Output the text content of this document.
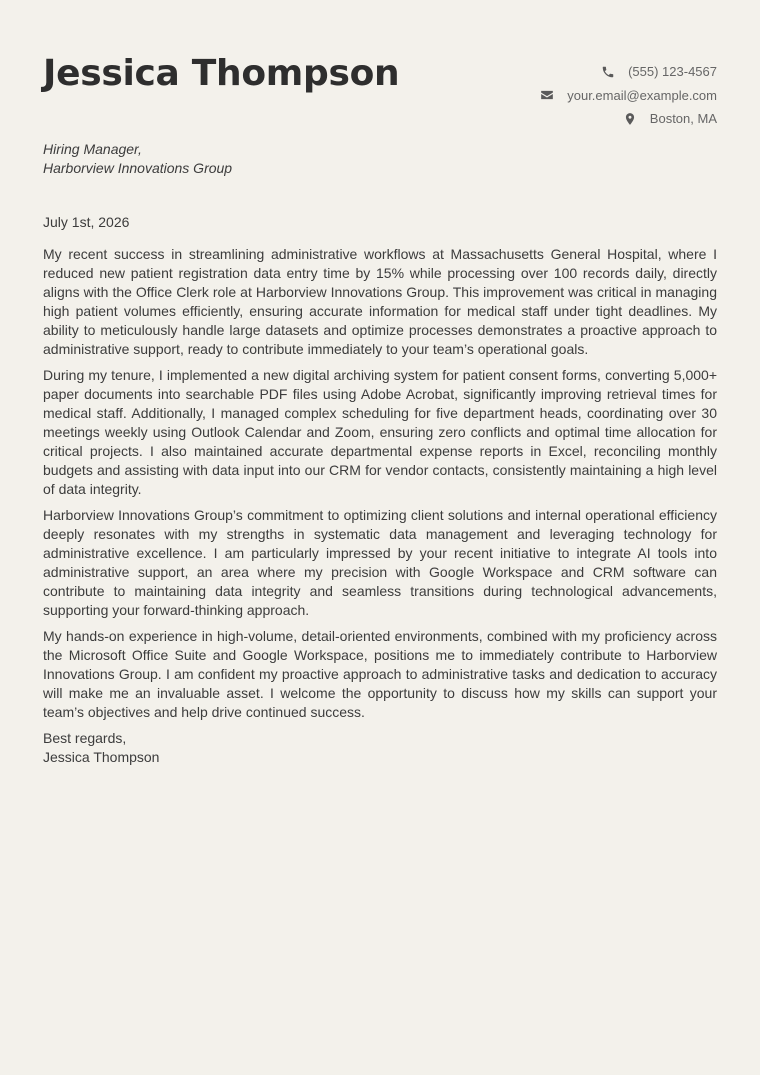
Jessica Thompson	(555) 123-4567
your.email@example.com
Boston, MA
Hiring Manager,
Harborview Innovations Group
July 1st, 2026

My recent success in streamlining administrative workflows at Massachusetts General Hospital, where I reduced new patient registration data entry time by 15% while processing over 100 records daily, directly aligns with the Office Clerk role at Harborview Innovations Group. This improvement was critical in managing high patient volumes efficiently, ensuring accurate information for medical staff under tight deadlines. My ability to meticulously handle large datasets and optimize processes demonstrates a proactive approach to administrative support, ready to contribute immediately to your team’s operational goals.

During my tenure, I implemented a new digital archiving system for patient consent forms, converting 5,000+ paper documents into searchable PDF files using Adobe Acrobat, significantly improving retrieval times for medical staff. Additionally, I managed complex scheduling for five department heads, coordinating over 30 meetings weekly using Outlook Calendar and Zoom, ensuring zero conflicts and optimal time allocation for critical projects. I also maintained accurate departmental expense reports in Excel, reconciling monthly budgets and assisting with data input into our CRM for vendor contacts, consistently maintaining a high level of data integrity.

Harborview Innovations Group’s commitment to optimizing client solutions and internal operational efficiency deeply resonates with my strengths in systematic data management and leveraging technology for administrative excellence. I am particularly impressed by your recent initiative to integrate AI tools into administrative support, an area where my precision with Google Workspace and CRM software can contribute to maintaining data integrity and seamless transitions during technological advancements, supporting your forward-thinking approach.

My hands-on experience in high-volume, detail-oriented environments, combined with my proficiency across the Microsoft Office Suite and Google Workspace, positions me to immediately contribute to Harborview Innovations Group. I am confident my proactive approach to administrative tasks and dedication to accuracy will make me an invaluable asset. I welcome the opportunity to discuss how my skills can support your team’s objectives and help drive continued success.

Best regards,
Jessica Thompson
